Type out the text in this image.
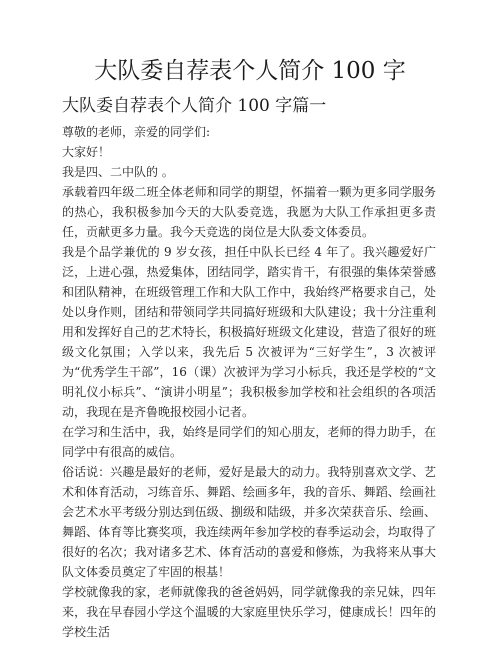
大队委自荐表个人简介 100 字
大队委自荐表个人简介 100 字篇一

尊敬的老师，亲爱的同学们:

大家好！

我是四、二中队的 。

承载着四年级二班全体老师和同学的期望，怀揣着一颗为更多同学服务的热心，我积极参加今天的大队委竞选，我愿为大队工作承担更多责任，贡献更多力量。我今天竞选的岗位是大队委文体委员。

我是个品学兼优的 9 岁女孩，担任中队长已经 4 年了。我兴趣爱好广泛，上进心强，热爱集体，团结同学，踏实肯干，有很强的集体荣誉感和团队精神，在班级管理工作和大队工作中，我始终严格要求自己，处处以身作则，团结和带领同学共同搞好班级和大队建设；我十分注重利用和发挥好自己的艺术特长，积极搞好班级文化建设，营造了很好的班级文化氛围；入学以来，我先后 5 次被评为“三好学生”，3 次被评为“优秀学生干部”，16（课）次被评为学习小标兵，我还是学校的“文明礼仪小标兵”、“演讲小明星”；我积极参加学校和社会组织的各项活动，我现在是齐鲁晚报校园小记者。

在学习和生活中，我，始终是同学们的知心朋友，老师的得力助手，在同学中有很高的威信。

俗话说：兴趣是最好的老师，爱好是最大的动力。我特别喜欢文学、艺术和体育活动，习练音乐、舞蹈、绘画多年，我的音乐、舞蹈、绘画社会艺术水平考级分别达到伍级、捌级和陆级，并多次荣获音乐、绘画、舞蹈、体育等比赛奖项，我连续两年参加学校的春季运动会，均取得了很好的名次；我对诸多艺术、体育活动的喜爱和修炼，为我将来从事大队文体委员奠定了牢固的根基！

学校就像我的家，老师就像我的爸爸妈妈，同学就像我的亲兄妹，四年来，我在早春园小学这个温暖的大家庭里快乐学习，健康成长！四年的学校生活
